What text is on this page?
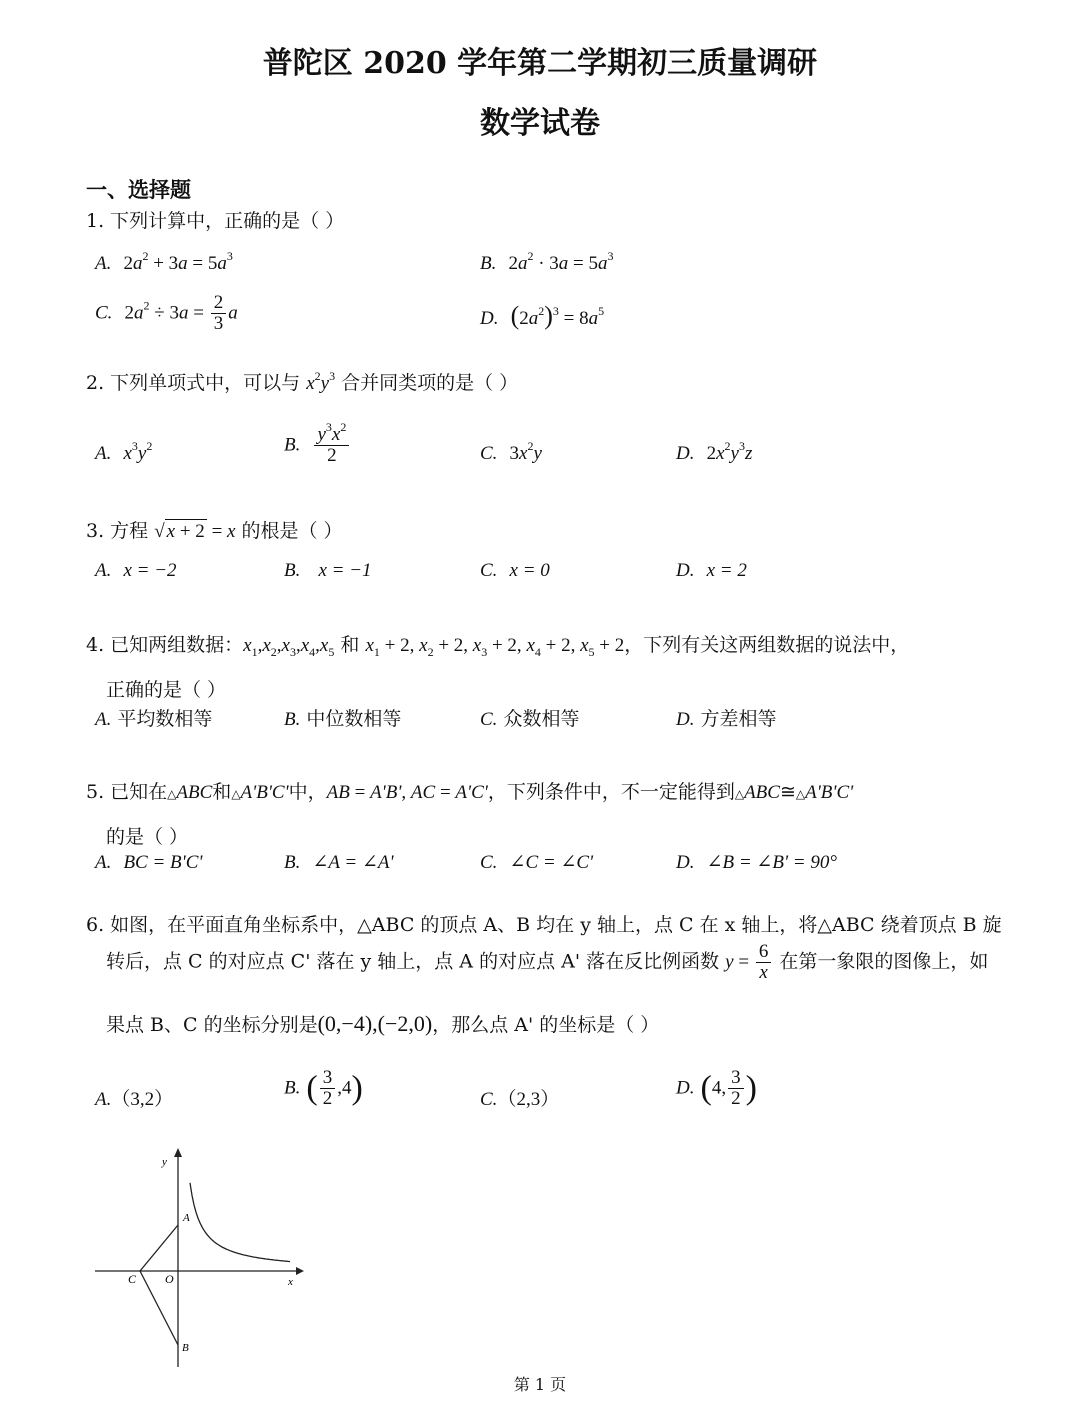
普陀区 2020 学年第二学期初三质量调研
数学试卷
一、选择题
1. 下列计算中，正确的是（ ）
A. $2a^2 + 3a = 5a^3$	B. $2a^2 \cdot 3a = 5a^3$
C. $2a^2 \div 3a = \frac{2}{3}$ a	D. $(2a^2)^3 = 8a^5$
2. 下列单项式中，可以与 $x^2y^3$ 合并同类项的是（ ）
A. $x^3y^2$	B. $\frac{y^3x^2}{2}$	C. $3x^2y$	D. $2x^2y^3z$
3. 方程 √ x + 2 = x 的根是（ ）
A. x = −2	B. x = −1	C. x = 0	D. x = 2
4. 已知两组数据：$x_1,x_2,x_3,x_4,x_5$ 和 $x_1 + 2$, $x_2 + 2$, $x_3 + 2$, $x_4 + 2$, $x_5 + 2$，下列有关这两组数据的说法中，
正确的是（ ）
A. 平均数相等	B. 中位数相等	C. 众数相等	D. 方差相等
5. 已知在△ABC和△A'B'C'中，AB = A'B', AC = A'C'，下列条件中，不一定能得到△ABC≅△A'B'C'
的是（ ）
A. BC = B'C'	B. ∠A = ∠A'	C. ∠C = ∠C'	D. ∠B = ∠B' = 90°
6. 如图，在平面直角坐标系中，△ABC 的顶点 A、B 均在 y 轴上，点 C 在 x 轴上，将△ABC 绕着顶点 B 旋
转后，点 C 的对应点 C' 落在 y 轴上，点 A 的对应点 A' 落在反比例函数 $y = \frac{6}{x}$ 在第一象限的图像上，如
果点 B、C 的坐标分别是(0,−4),(−2,0)，那么点 A' 的坐标是（ ）
A.（3,2）
B. ( $\frac{3}{2} ,4$)	C.（2,3）
D. (4, $\frac{3}{2}$ )
y
x
O
C
A
B
第 1 页
